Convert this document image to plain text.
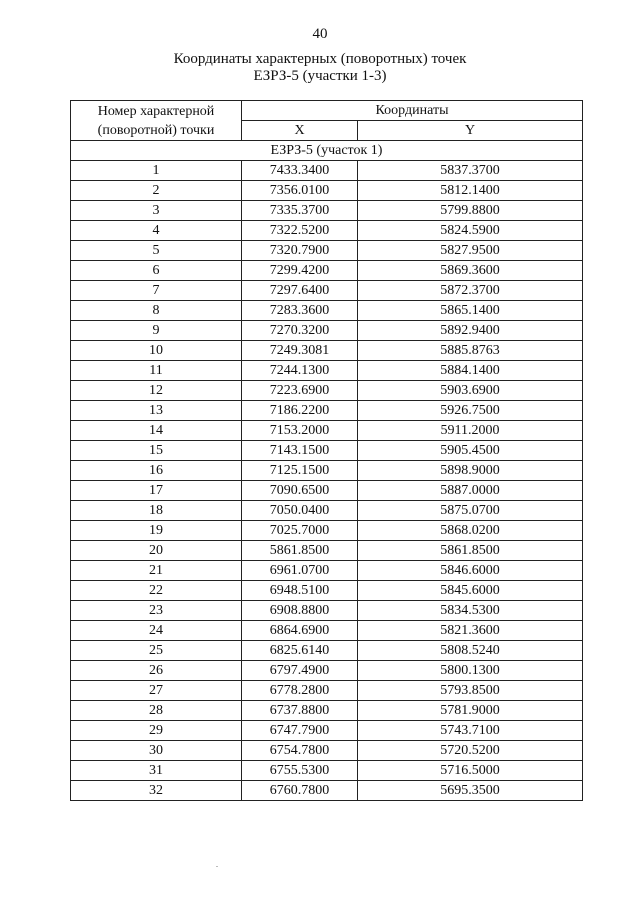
40
Координаты характерных (поворотных) точек
ЕЗРЗ-5 (участки 1-3)
Номер характерной (поворотной) точки	Координаты	
	X	Y
ЕЗРЗ-5 (участок 1)		
1	7433.3400	5837.3700
2	7356.0100	5812.1400
3	7335.3700	5799.8800
4	7322.5200	5824.5900
5	7320.7900	5827.9500
6	7299.4200	5869.3600
7	7297.6400	5872.3700
8	7283.3600	5865.1400
9	7270.3200	5892.9400
10	7249.3081	5885.8763
11	7244.1300	5884.1400
12	7223.6900	5903.6900
13	7186.2200	5926.7500
14	7153.2000	5911.2000
15	7143.1500	5905.4500
16	7125.1500	5898.9000
17	7090.6500	5887.0000
18	7050.0400	5875.0700
19	7025.7000	5868.0200
20	5861.8500	5861.8500
21	6961.0700	5846.6000
22	6948.5100	5845.6000
23	6908.8800	5834.5300
24	6864.6900	5821.3600
25	6825.6140	5808.5240
26	6797.4900	5800.1300
27	6778.2800	5793.8500
28	6737.8800	5781.9000
29	6747.7900	5743.7100
30	6754.7800	5720.5200
31	6755.5300	5716.5000
32	6760.7800	5695.3500
